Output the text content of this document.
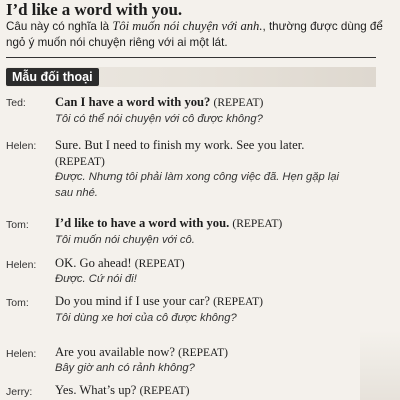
I’d like a word with you.
Câu này có nghĩa là Tôi muốn nói chuyện với anh., thường được dùng để ngỏ ý muốn nói chuyện riêng với ai một lát.
Mẫu đối thoại
Ted: Can I have a word with you? (REPEAT)
Tôi có thể nói chuyện với cô được không?
Helen: Sure. But I need to finish my work. See you later.
(REPEAT)
Được. Nhưng tôi phải làm xong công việc đã. Hẹn gặp lại
sau nhé.
Tom: I’d like to have a word with you. (REPEAT)
Tôi muốn nói chuyện với cô.
Helen: OK. Go ahead! (REPEAT)
Được. Cứ nói đi!
Tom: Do you mind if I use your car? (REPEAT)
Tôi dùng xe hơi của cô được không?
Helen: Are you available now? (REPEAT)
Bây giờ anh có rảnh không?
Jerry: Yes. What’s up? (REPEAT)
